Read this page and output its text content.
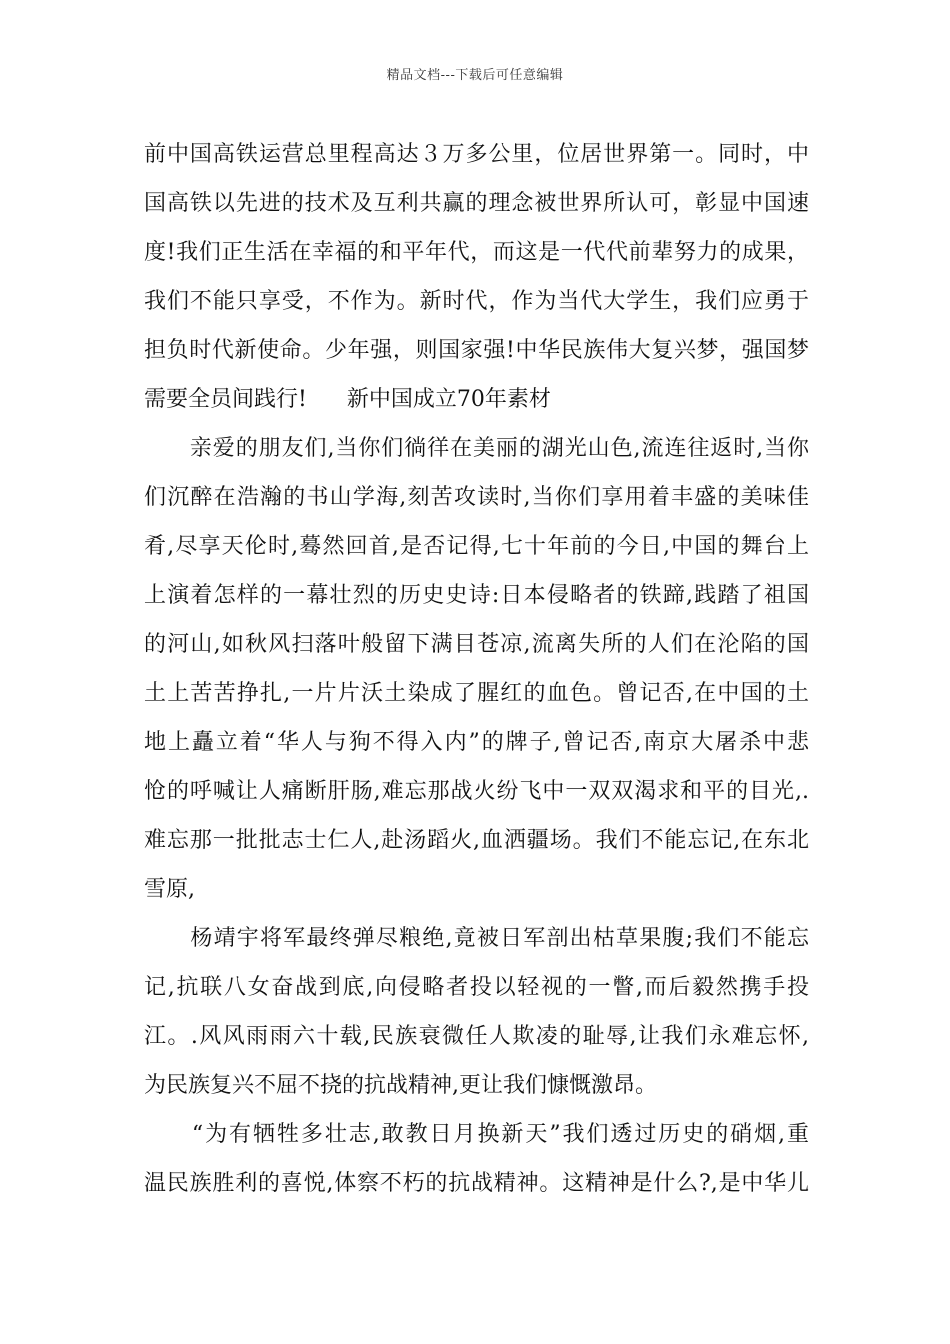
精品文档---下载后可任意编辑
前中国高铁运营总里程高达３万多公里，位居世界第一。同时，中
国高铁以先进的技术及互利共赢的理念被世界所认可，彰显中国速
度!我们正生活在幸福的和平年代，而这是一代代前辈努力的成果，
我们不能只享受，不作为。新时代，作为当代大学生，我们应勇于
担负时代新使命。少年强，则国家强!中华民族伟大复兴梦，强国梦
需要全员间践行! 新中国成立70年素材
　　亲爱的朋友们,当你们徜徉在美丽的湖光山色,流连往返时,当你
们沉醉在浩瀚的书山学海,刻苦攻读时,当你们享用着丰盛的美味佳
肴,尽享天伦时,蓦然回首,是否记得,七十年前的今日,中国的舞台上
上演着怎样的一幕壮烈的历史史诗:日本侵略者的铁蹄,践踏了祖国
的河山,如秋风扫落叶般留下满目苍凉,流离失所的人们在沦陷的国
土上苦苦挣扎,一片片沃土染成了腥红的血色。曾记否,在中国的土
地上矗立着“华人与狗不得入内”的牌子,曾记否,南京大屠杀中悲
怆的呼喊让人痛断肝肠,难忘那战火纷飞中一双双渴求和平的目光,.
难忘那一批批志士仁人,赴汤蹈火,血洒疆场。我们不能忘记,在东北
雪原,
　　杨靖宇将军最终弹尽粮绝,竟被日军剖出枯草果腹;我们不能忘
记,抗联八女奋战到底,向侵略者投以轻视的一瞥,而后毅然携手投
江。.风风雨雨六十载,民族衰微任人欺凌的耻辱,让我们永难忘怀,
为民族复兴不屈不挠的抗战精神,更让我们慷慨激昂。
　　“为有牺牲多壮志,敢教日月换新天”我们透过历史的硝烟,重
温民族胜利的喜悦,体察不朽的抗战精神。这精神是什么?,是中华儿
